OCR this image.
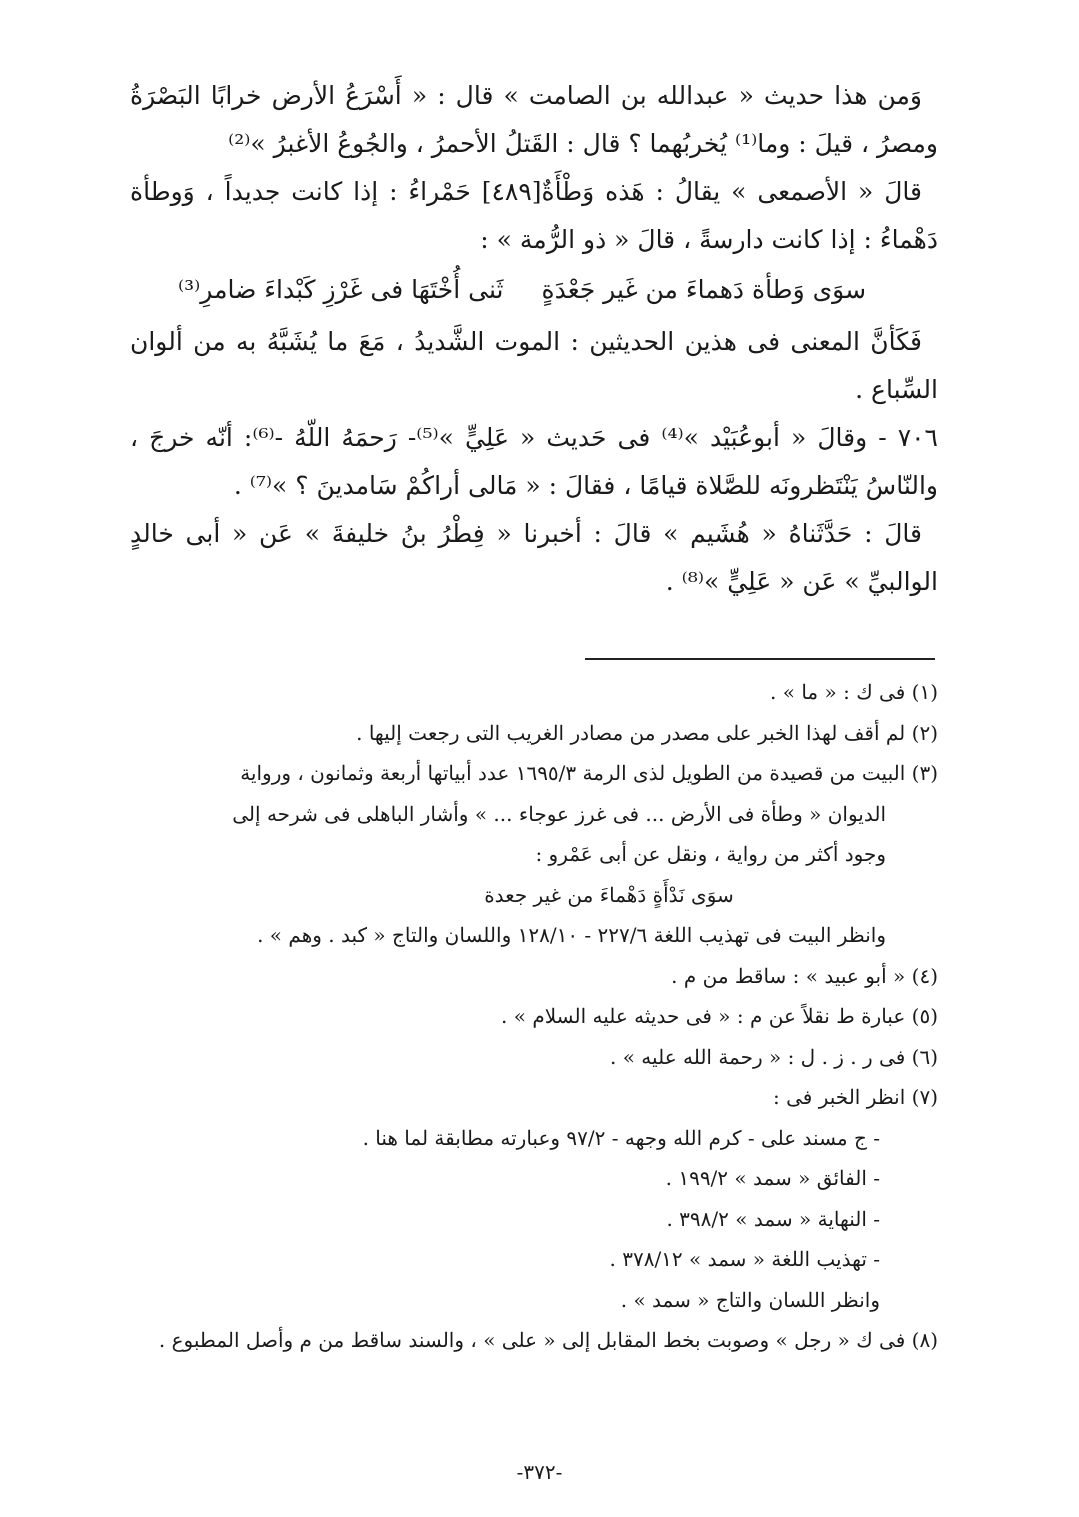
وَمن هذا حديث « عبدالله بن الصامت » قال : « أَسْرَعُ الأرض خرابًا البَصْرَةُ ومصرُ ، قيلَ : وما⁽¹⁾ يُخربُهما ؟ قال : القَتلُ الأحمرُ ، والجُوعُ الأغبرُ »⁽²⁾

قالَ « الأصمعى » يقالُ : هَذه وَطْأَةٌ[٤٨٩] حَمْراءُ : إذا كانت جديداً ، وَوطأة دَهْماءُ : إذا كانت دارسةً ، قالَ « ذو الرُّمة » :

سوَى وَطأة دَهماءَ من غَير جَعْدَةٍ
ثَنى أُخْتَهَا فى غَرْزِ كَبْداءَ ضامرِ⁽³⁾

فَكَأنَّ المعنى فى هذين الحديثين : الموت الشَّديدُ ، مَعَ ما يُشَبَّهُ به من ألوان السِّباع .

٧٠٦ - وقالَ « أبوعُبَيْد »⁽⁴⁾ فى حَديث « عَلِيٍّ »⁽⁵⁾- رَحمَهُ اللّهُ -⁽⁶⁾: أنّه خرجَ ، والنّاسُ يَنْتَظرونَه للصَّلاة قيامًا ، فقالَ : « مَالى أراكُمْ سَامدينَ ؟ »⁽⁷⁾ .

قالَ : حَدَّثَناهُ « هُشَيم » قالَ : أخبرنا « فِطْرُ بنُ خليفةَ » عَن « أبى خالدٍ الوالبيِّ » عَن « عَلِيٍّ »⁽⁸⁾ .

(١) فى ك : « ما » .

(٢) لم أقف لهذا الخبر على مصدر من مصادر الغريب التى رجعت إليها .

(٣) البيت من قصيدة من الطويل لذى الرمة ١٦٩٥/٣ عدد أبياتها أربعة وثمانون ، ورواية

الديوان « وطأة فى الأرض ... فى غرز عوجاء ... » وأشار الباهلى فى شرحه إلى

وجود أكثر من رواية ، ونقل عن أبى عَمْرو :

سوَى نَدْأَةٍ دَهْماءَ من غير جعدة

وانظر البيت فى تهذيب اللغة ٢٢٧/٦ - ١٢٨/١٠ واللسان والتاج « كبد . وهم » .

(٤) « أبو عبيد » : ساقط من م .

(٥) عبارة ط نقلاً عن م : « فى حديثه عليه السلام » .

(٦) فى ر . ز . ل : « رحمة الله عليه » .

(٧) انظر الخبر فى :

- ج مسند على - كرم الله وجهه - ٩٧/٢ وعبارته مطابقة لما هنا .

- الفائق « سمد » ١٩٩/٢ .

- النهاية « سمد » ٣٩٨/٢ .

- تهذيب اللغة « سمد » ٣٧٨/١٢ .

وانظر اللسان والتاج « سمد » .

(٨) فى ك « رجل » وصوبت بخط المقابل إلى « على » ، والسند ساقط من م وأصل المطبوع .

-٣٧٢-
